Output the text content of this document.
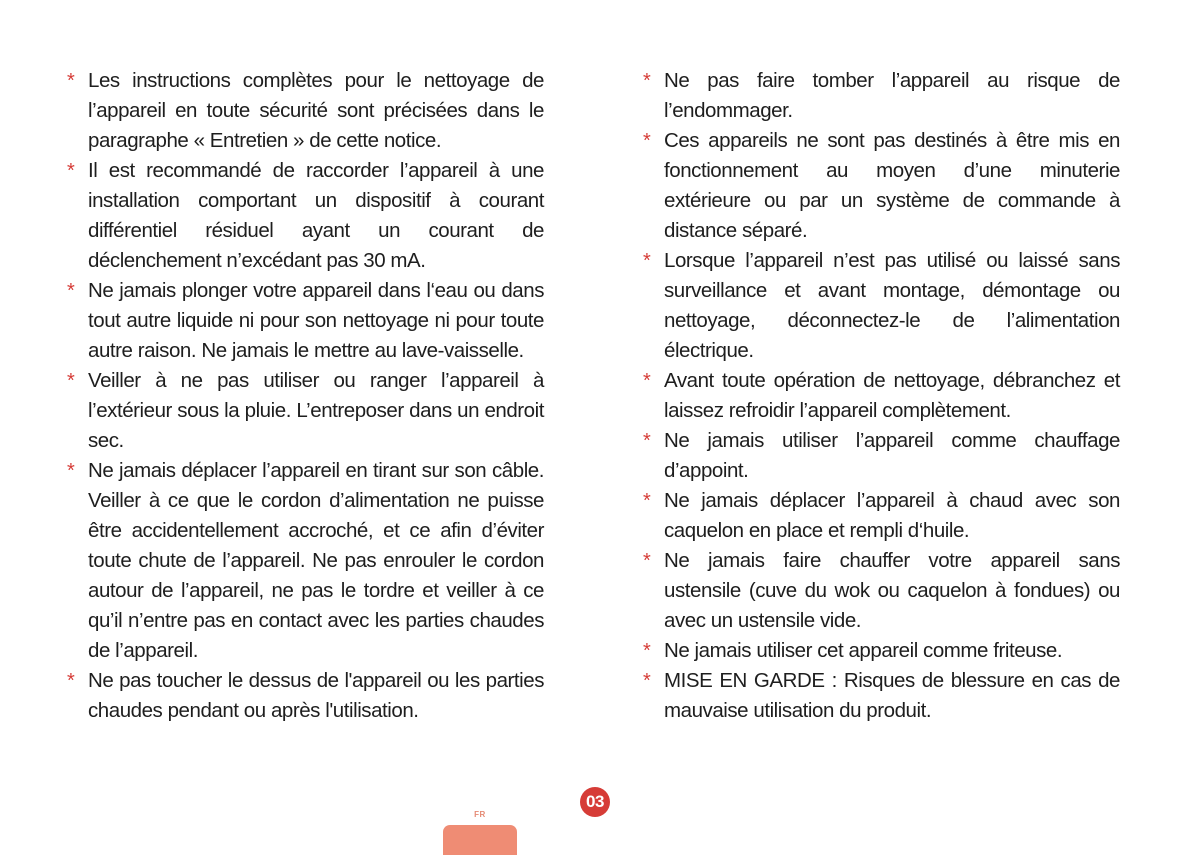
* Les instructions complètes pour le nettoyage de l’appareil en toute sécurité sont précisées dans le paragraphe « Entretien » de cette notice.
* Il est recommandé de raccorder l’appareil à une installation comportant un dispositif à courant différentiel résiduel ayant un courant de déclenchement n’excédant pas 30 mA.
* Ne jamais plonger votre appareil dans l‘eau ou dans tout autre liquide ni pour son nettoyage ni pour toute autre raison. Ne jamais le mettre au lave-vaisselle.
* Veiller à ne pas utiliser ou ranger l’appareil à l’extérieur sous la pluie. L’entreposer dans un endroit sec.
* Ne jamais déplacer l’appareil en tirant sur son câble. Veiller à ce que le cordon d’alimentation ne puisse être accidentellement accroché, et ce afin d’éviter toute chute de l’appareil. Ne pas enrouler le cordon autour de l’appareil, ne pas le tordre et veiller à ce qu’il n’entre pas en contact avec les parties chaudes de l’appareil.
* Ne pas toucher le dessus de l'appareil ou les parties chaudes pendant ou après l'utilisation.
* Ne pas faire tomber l’appareil au risque de l’endommager.
* Ces appareils ne sont pas destinés à être mis en fonctionnement au moyen d’une minuterie extérieure ou par un système de commande à distance séparé.
* Lorsque l’appareil n’est pas utilisé ou laissé sans surveillance et avant montage, démontage ou nettoyage, déconnectez-le de l’alimentation électrique.
* Avant toute opération de nettoyage, débranchez et laissez refroidir l’appareil complètement.
* Ne jamais utiliser l’appareil comme chauffage d’appoint.
* Ne jamais déplacer l’appareil à chaud avec son caquelon en place et rempli d‘huile.
* Ne jamais faire chauffer votre appareil sans ustensile (cuve du wok ou caquelon à fondues) ou avec un ustensile vide.
* Ne jamais utiliser cet appareil comme friteuse.
* MISE EN GARDE : Risques de blessure en cas de mauvaise utilisation du produit.
03
FR
